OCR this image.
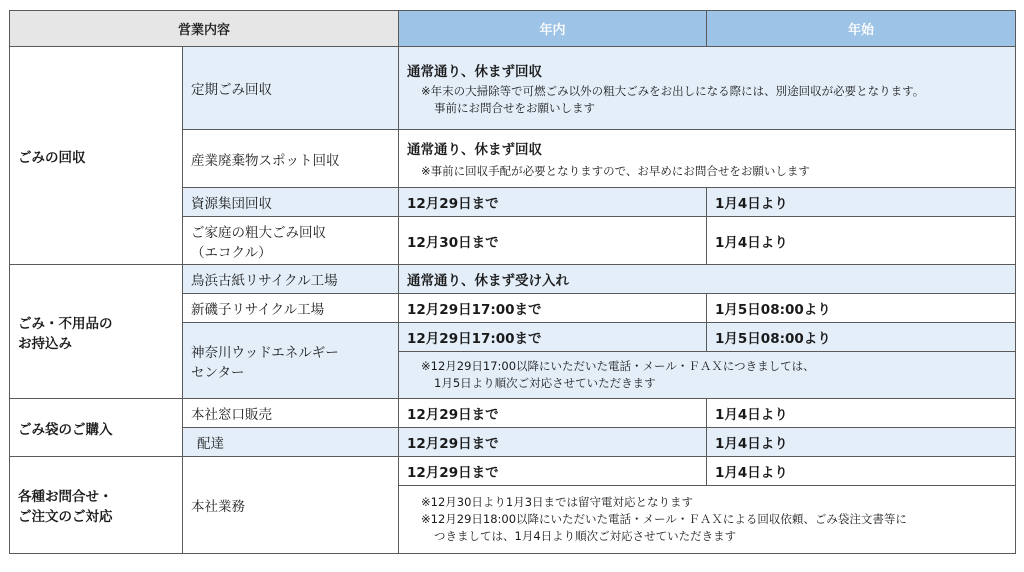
営業内容		年内	年始
ごみの回収	定期ごみ回収	通常通り、休まず回収
※年末の大掃除等で可燃ごみ以外の粗大ごみをお出しになる際には、別途回収が必要となります。
事前にお問合せをお願いします	

	産業廃棄物スポット回収	通常通り、休まず回収
※事前に回収手配が必要となりますので、お早めにお問合せをお願いします	

	資源集団回収	12月29日まで	1月4日より

	ご家庭の粗大ごみ回収
（エコクル）	12月30日まで	1月4日より

ごみ・不用品の
お持込み	鳥浜古紙リサイクル工場	通常通り、休まず受け入れ	
	新磯子リサイクル工場	12月29日17:00まで	1月5日08:00より

	神奈川ウッドエネルギー
センター	12月29日17:00まで	1月5日08:00より

		※12月29日17:00以降にいただいた電話・メール・ＦＡＸにつきましては、
1月5日より順次ご対応させていただきます	

ごみ袋のご購入	本社窓口販売	12月29日まで	1月4日より
	配達	12月29日まで	1月4日より

各種お問合せ・
ご注文のご対応	本社業務	12月29日まで	1月4日より

		※12月30日より1月3日までは留守電対応となります
※12月29日18:00以降にいただいた電話・メール・ＦＡＸによる回収依頼、ごみ袋注文書等に
つきましては、1月4日より順次ご対応させていただきます	
